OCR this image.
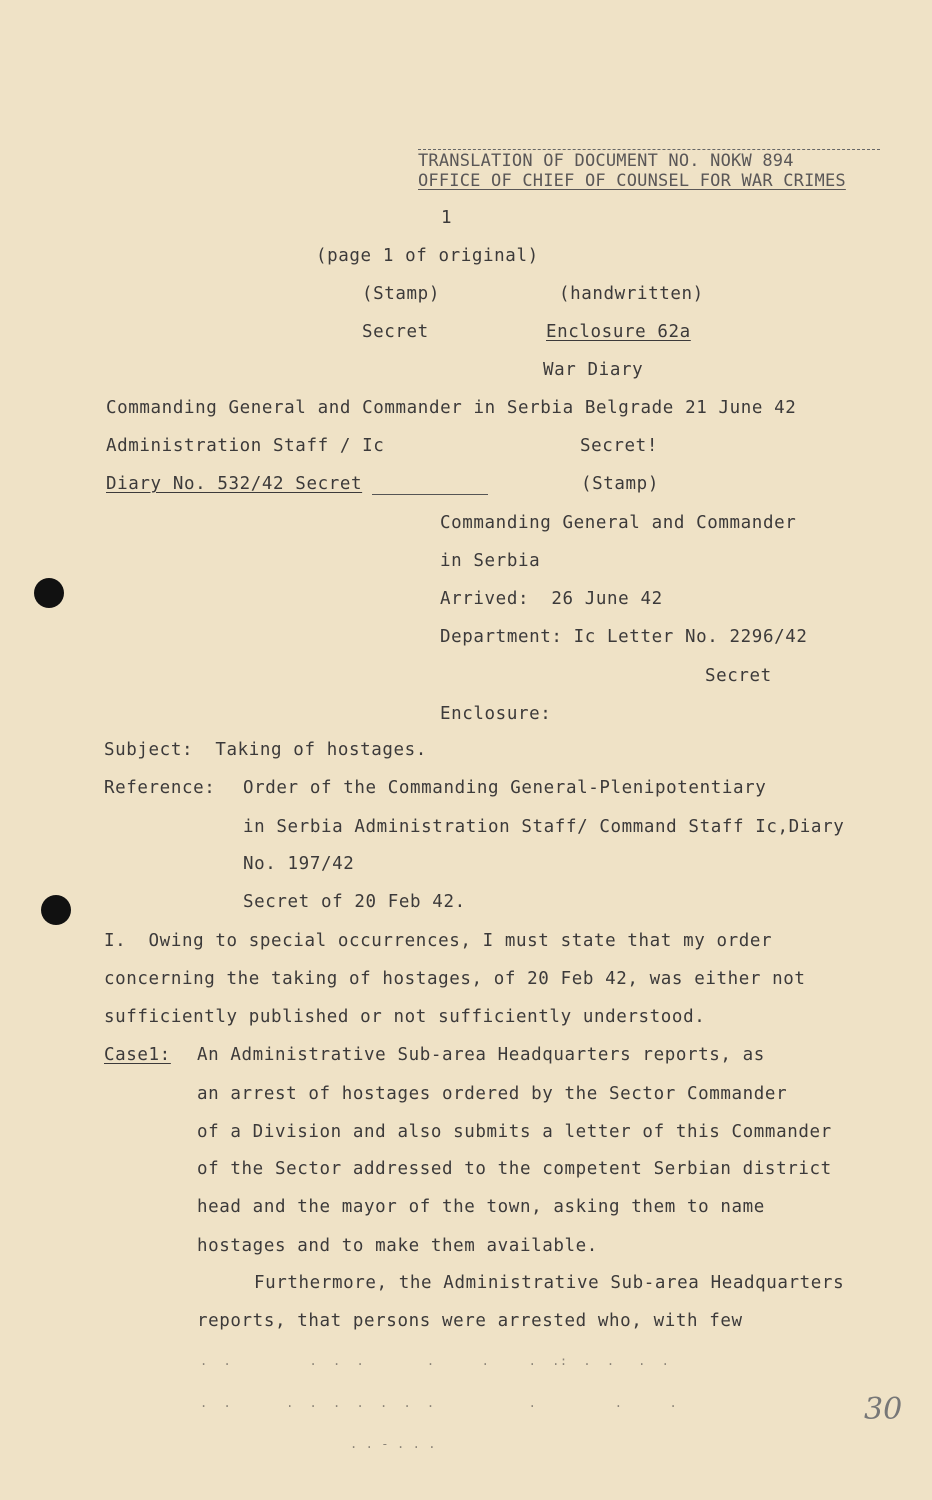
TRANSLATION OF DOCUMENT NO. NOKW 894
OFFICE OF CHIEF OF COUNSEL FOR WAR CRIMES
1
(page 1 of original)
(Stamp)	(handwritten)
Secret	Enclosure 62a
War Diary
Commanding General and Commander in Serbia Belgrade 21 June 42
Administration Staff / Ic	Secret!
Diary No. 532/42 Secret	(Stamp)
Commanding General and Commander
in Serbia
Arrived:  26 June 42
Department: Ic Letter No. 2296/42
Secret
Enclosure:
Subject:  Taking of hostages.
Reference: Order of the Commanding General-Plenipotentiary
in Serbia Administration Staff/ Command Staff Ic,Diary
No. 197/42
Secret of 20 Feb 42.
I.  Owing to special occurrences, I must state that my order
concerning the taking of hostages, of 20 Feb 42, was either not
sufficiently published or not sufficiently understood.
Case1: An Administrative Sub-area Headquarters reports, as
an arrest of hostages ordered by the Sector Commander
of a Division and also submits a letter of this Commander
of the Sector addressed to the competent Serbian district
head and the mayor of the town, asking them to name
hostages and to make them available.
Furthermore, the Administrative Sub-area Headquarters
reports, that persons were arrested who, with few
.  .          .  .  .        .      .     .  .:  .  .   .  .
.  .       .  .  .  .  .  .  .            .          .      .
. . - . . .
30
